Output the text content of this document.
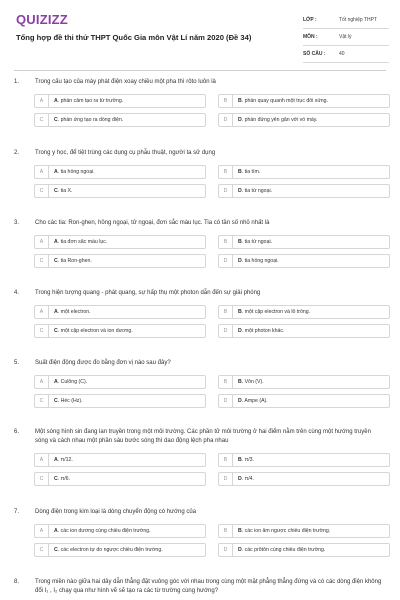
QUIZIZZ
Tổng hợp đề thi thử THPT Quốc Gia môn Vật Lí năm 2020 (Đề 34)
LỚP :	Tốt nghiệp THPT
MÔN :	Vật lý
SỐ CÂU :	40
1.	Trong cấu tạo của máy phát điện xoay chiều một pha thì rôto luôn là
A	A. phần cảm tạo ra từ trường.	B	B. phần quay quanh một trục đối xứng.
C	C. phần ứng tạo ra dòng điện.	D	D. phần đứng yên gắn với vỏ máy.
2.	Trong y học, để tiệt trùng các dụng cụ phẫu thuật, người ta sử dụng
A	A. tia hồng ngoại.	B	B. tia tím.
C	C. tia X.	D	D. tia tử ngoại.
3.	Cho các tia: Ron-ghen, hồng ngoại, tử ngoại, đơn sắc màu lục. Tia có tần số nhỏ nhất là
A	A. tia đơn sắc màu lục.	B	B. tia tử ngoại.
C	C. tia Ron-ghen.	D	D. tia hồng ngoại.
4.	Trong hiện tượng quang - phát quang, sự hấp thụ một photon dẫn đến sự giải phóng
A	A. một electron.	B	B. một cặp electron và lỗ trống.
C	C. một cặp electron và ion dương.	D	D. một photon khác.
5.	Suất điện động được đo bằng đơn vị nào sau đây?
A	A. Culông (C).	B	B. Vôn (V).
C	C. Héc (Hz).	D	D. Ampe (A).
6.	Một sóng hình sin đang lan truyền trong một môi trường. Các phần tử môi trường ở hai điểm nằm trên cùng một hướng truyền sóng và cách nhau một phần sáu bước sóng thì dao động lệch pha nhau
A	A. π/12.	B	B. π/3.
C	C. π/6.	D	D. π/4.
7.	Dòng điện trong kim loại là dòng chuyển động có hướng của
A	A. các ion dương cùng chiều điện trường.	B	B. các ion âm ngược chiều điện trường.
C	C. các electron tự do ngược chiều điện trường.	D	D. các prôtôn cùng chiều điện trường.
8.	Trong miền nào giữa hai dây dẫn thẳng đặt vuông góc với nhau trong cùng một mặt phẳng thẳng đứng và có các dòng điện không đổi I₁ , I₂ chạy qua như hình vẽ sẽ tạo ra các từ trường cùng hướng?
